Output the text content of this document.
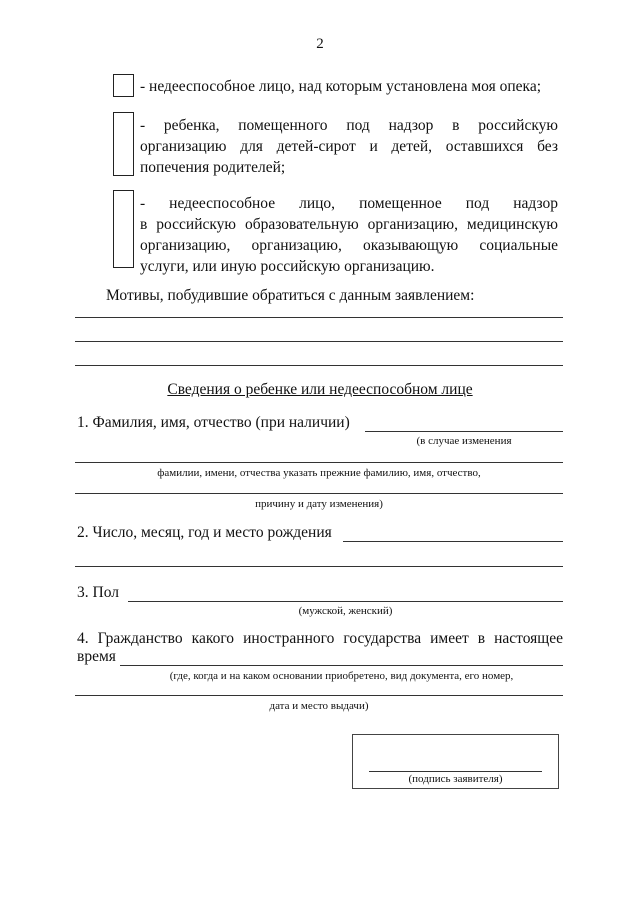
2
- недееспособное лицо, над которым установлена моя опека;
- ребенка, помещенного под надзор в российскую
организацию для детей-сирот и детей, оставшихся без
попечения родителей;
- недееспособное лицо, помещенное под надзор
в российскую образовательную организацию, медицинскую
организацию, организацию, оказывающую социальные
услуги, или иную российскую организацию.
Мотивы, побудившие обратиться с данным заявлением:
Сведения о ребенке или недееспособном лице
1. Фамилия, имя, отчество (при наличии)
(в случае изменения
фамилии, имени, отчества указать прежние фамилию, имя, отчество,
причину и дату изменения)
2. Число, месяц, год и место рождения
3. Пол
(мужской, женский)
4. Гражданство какого иностранного государства имеет в настоящее
время
(где, когда и на каком основании приобретено, вид документа, его номер,
дата и место выдачи)
(подпись заявителя)
